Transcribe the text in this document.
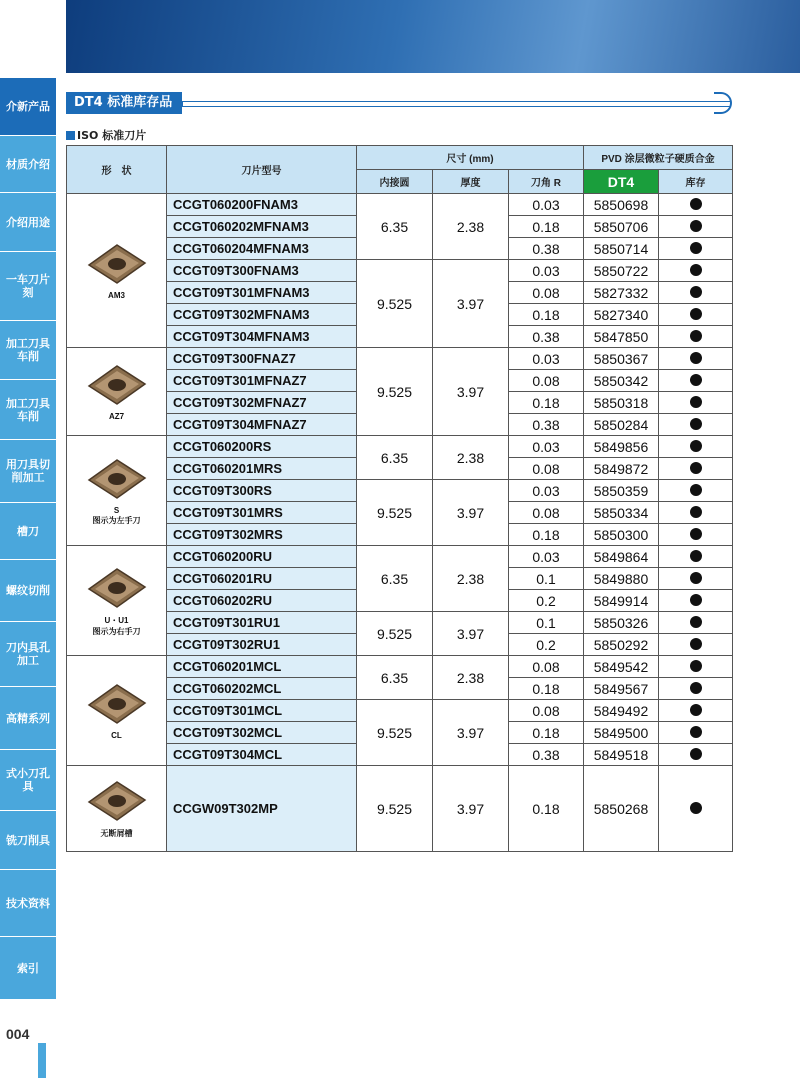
介新产品
材质介绍
介绍用途
一车刀片刻
加工刀具车削
加工刀具车削
用刀具切削加工
槽刀
螺纹切削
刀内具孔加工
高精系列
式小刀孔具
铣刀削具
技术资料
索引
004
DT4 标准库存品
ISO 标准刀片
形　状	刀片型号	尺寸 (mm)			PVD 涂层微粒子硬质合金	
		内接圆	厚度	刀角 R	DT4	库存

AM3	CCGT060200FNAM3	6.35	2.38	0.03	5850698	
	CCGT060202MFNAM3			0.18	5850706	
	CCGT060204MFNAM3			0.38	5850714	
	CCGT09T300FNAM3	9.525	3.97	0.03	5850722	
	CCGT09T301MFNAM3			0.08	5827332	
	CCGT09T302MFNAM3			0.18	5827340	
	CCGT09T304MFNAM3			0.38	5847850	

AZ7	CCGT09T300FNAZ7	9.525	3.97	0.03	5850367	
	CCGT09T301MFNAZ7			0.08	5850342	
	CCGT09T302MFNAZ7			0.18	5850318	
	CCGT09T304MFNAZ7			0.38	5850284	

S
图示为左手刀	CCGT060200RS	6.35	2.38	0.03	5849856	
	CCGT060201MRS			0.08	5849872	
	CCGT09T300RS	9.525	3.97	0.03	5850359	
	CCGT09T301MRS			0.08	5850334	
	CCGT09T302MRS			0.18	5850300	

U・U1
图示为右手刀	CCGT060200RU	6.35	2.38	0.03	5849864	
	CCGT060201RU			0.1	5849880	
	CCGT060202RU			0.2	5849914	
	CCGT09T301RU1	9.525	3.97	0.1	5850326	
	CCGT09T302RU1			0.2	5850292	

CL	CCGT060201MCL	6.35	2.38	0.08	5849542	
	CCGT060202MCL			0.18	5849567	
	CCGT09T301MCL	9.525	3.97	0.08	5849492	
	CCGT09T302MCL			0.18	5849500	
	CCGT09T304MCL			0.38	5849518	

无断屑槽	CCGW09T302MP	9.525	3.97	0.18	5850268	
